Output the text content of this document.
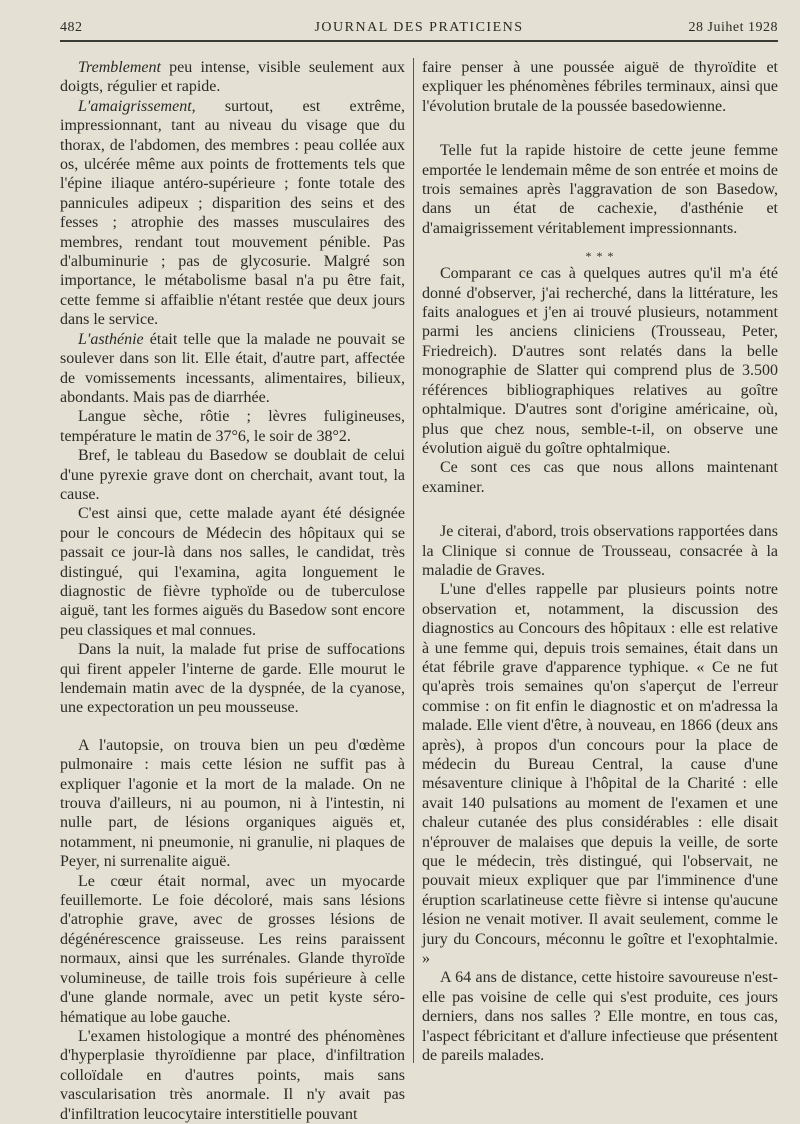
482	JOURNAL DES PRATICIENS	28 Juihet 1928

Tremblement peu intense, visible seulement aux doigts, régulier et rapide.

L'amaigrissement, surtout, est extrême, impressionnant, tant au niveau du visage que du thorax, de l'abdomen, des membres : peau collée aux os, ulcérée même aux points de frottements tels que l'épine iliaque antéro-supérieure ; fonte totale des pannicules adipeux ; disparition des seins et des fesses ; atrophie des masses musculaires des membres, rendant tout mouvement pénible. Pas d'albuminurie ; pas de glycosurie. Malgré son importance, le métabolisme basal n'a pu être fait, cette femme si affaiblie n'étant restée que deux jours dans le service.

L'asthénie était telle que la malade ne pouvait se soulever dans son lit. Elle était, d'autre part, affectée de vomissements incessants, alimentaires, bilieux, abondants. Mais pas de diarrhée.

Langue sèche, rôtie ; lèvres fuligineuses, température le matin de 37°6, le soir de 38°2.

Bref, le tableau du Basedow se doublait de celui d'une pyrexie grave dont on cherchait, avant tout, la cause.

C'est ainsi que, cette malade ayant été désignée pour le concours de Médecin des hôpitaux qui se passait ce jour-là dans nos salles, le candidat, très distingué, qui l'examina, agita longuement le diagnostic de fièvre typhoïde ou de tuberculose aiguë, tant les formes aiguës du Basedow sont encore peu classiques et mal connues.

Dans la nuit, la malade fut prise de suffocations qui firent appeler l'interne de garde. Elle mourut le lendemain matin avec de la dyspnée, de la cyanose, une expectoration un peu mousseuse.

A l'autopsie, on trouva bien un peu d'œdème pulmonaire : mais cette lésion ne suffit pas à expliquer l'agonie et la mort de la malade. On ne trouva d'ailleurs, ni au poumon, ni à l'intestin, ni nulle part, de lésions organiques aiguës et, notamment, ni pneumonie, ni granulie, ni plaques de Peyer, ni surrenalite aiguë.

Le cœur était normal, avec un myocarde feuillemorte. Le foie décoloré, mais sans lésions d'atrophie grave, avec de grosses lésions de dégénérescence graisseuse. Les reins paraissent normaux, ainsi que les surrénales. Glande thyroïde volumineuse, de taille trois fois supérieure à celle d'une glande normale, avec un petit kyste séro-hématique au lobe gauche.

L'examen histologique a montré des phénomènes d'hyperplasie thyroïdienne par place, d'infiltration colloïdale en d'autres points, mais sans vascularisation très anormale. Il n'y avait pas d'infiltration leucocytaire interstitielle pouvant

faire penser à une poussée aiguë de thyroïdite et expliquer les phénomènes fébriles terminaux, ainsi que l'évolution brutale de la poussée basedowienne.

Telle fut la rapide histoire de cette jeune femme emportée le lendemain même de son entrée et moins de trois semaines après l'aggravation de son Basedow, dans un état de cachexie, d'asthénie et d'amaigrissement véritablement impressionnants.

* * *

Comparant ce cas à quelques autres qu'il m'a été donné d'observer, j'ai recherché, dans la littérature, les faits analogues et j'en ai trouvé plusieurs, notamment parmi les anciens cliniciens (Trousseau, Peter, Friedreich). D'autres sont relatés dans la belle monographie de Slatter qui comprend plus de 3.500 références bibliographiques relatives au goître ophtalmique. D'autres sont d'origine américaine, où, plus que chez nous, semble-t-il, on observe une évolution aiguë du goître ophtalmique.

Ce sont ces cas que nous allons maintenant examiner.

Je citerai, d'abord, trois observations rapportées dans la Clinique si connue de Trousseau, consacrée à la maladie de Graves.

L'une d'elles rappelle par plusieurs points notre observation et, notamment, la discussion des diagnostics au Concours des hôpitaux : elle est relative à une femme qui, depuis trois semaines, était dans un état fébrile grave d'apparence typhique. « Ce ne fut qu'après trois semaines qu'on s'aperçut de l'erreur commise : on fit enfin le diagnostic et on m'adressa la malade. Elle vient d'être, à nouveau, en 1866 (deux ans après), à propos d'un concours pour la place de médecin du Bureau Central, la cause d'une mésaventure clinique à l'hôpital de la Charité : elle avait 140 pulsations au moment de l'examen et une chaleur cutanée des plus considérables : elle disait n'éprouver de malaises que depuis la veille, de sorte que le médecin, très distingué, qui l'observait, ne pouvait mieux expliquer que par l'imminence d'une éruption scarlatineuse cette fièvre si intense qu'aucune lésion ne venait motiver. Il avait seulement, comme le jury du Concours, méconnu le goître et l'exophtalmie. »

A 64 ans de distance, cette histoire savoureuse n'est-elle pas voisine de celle qui s'est produite, ces jours derniers, dans nos salles ? Elle montre, en tous cas, l'aspect fébricitant et d'allure infectieuse que présentent de pareils malades.
